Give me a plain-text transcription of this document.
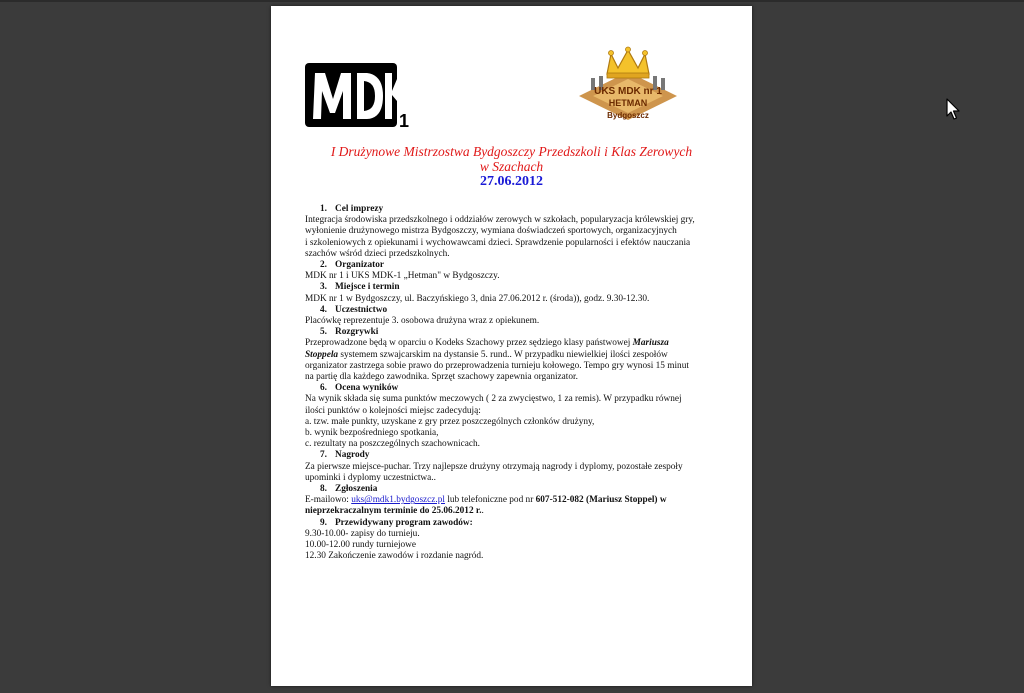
1
UKS MDK nr 1
HETMAN
Bydgoszcz
I Drużynowe Mistrzostwa Bydgoszczy Przedszkoli i Klas Zerowych
w Szachach
27.06.2012
1. Cel imprezy

Integracja środowiska przedszkolnego i oddziałów zerowych w szkołach, popularyzacja królewskiej gry,

wyłonienie drużynowego mistrza Bydgoszczy, wymiana doświadczeń sportowych, organizacyjnych

i szkoleniowych z opiekunami i wychowawcami dzieci. Sprawdzenie popularności i efektów nauczania

szachów wśród dzieci przedszkolnych.

2. Organizator

MDK nr 1 i UKS MDK-1 „Hetman" w Bydgoszczy.

3. Miejsce i termin

MDK nr 1 w Bydgoszczy, ul. Baczyńskiego 3, dnia 27.06.2012 r. (środa)), godz. 9.30-12.30.

4. Uczestnictwo

Placówkę reprezentuje 3. osobowa drużyna wraz z opiekunem.

5. Rozgrywki

Przeprowadzone będą w oparciu o Kodeks Szachowy przez sędziego klasy państwowej Mariusza

Stoppela systemem szwajcarskim na dystansie 5. rund.. W przypadku niewielkiej ilości zespołów

organizator zastrzega sobie prawo do przeprowadzenia turnieju kołowego. Tempo gry wynosi 15 minut

na partię dla każdego zawodnika. Sprzęt szachowy zapewnia organizator.

6. Ocena wyników

Na wynik składa się suma punktów meczowych ( 2 za zwycięstwo, 1 za remis). W przypadku równej

ilości punktów o kolejności miejsc zadecydują:

a. tzw. małe punkty, uzyskane z gry przez poszczególnych członków drużyny,

b. wynik bezpośredniego spotkania,

c. rezultaty na poszczególnych szachownicach.

7. Nagrody

Za pierwsze miejsce-puchar. Trzy najlepsze drużyny otrzymają nagrody i dyplomy, pozostałe zespoły

upominki i dyplomy uczestnictwa..

8. Zgłoszenia

E-mailowo: uks@mdk1.bydgoszcz.pl lub telefoniczne pod nr 607-512-082 (Mariusz Stoppel) w

nieprzekraczalnym terminie do 25.06.2012 r..

9. Przewidywany program zawodów:

9.30-10.00- zapisy do turnieju.

10.00-12.00 rundy turniejowe

12.30 Zakończenie zawodów i rozdanie nagród.
